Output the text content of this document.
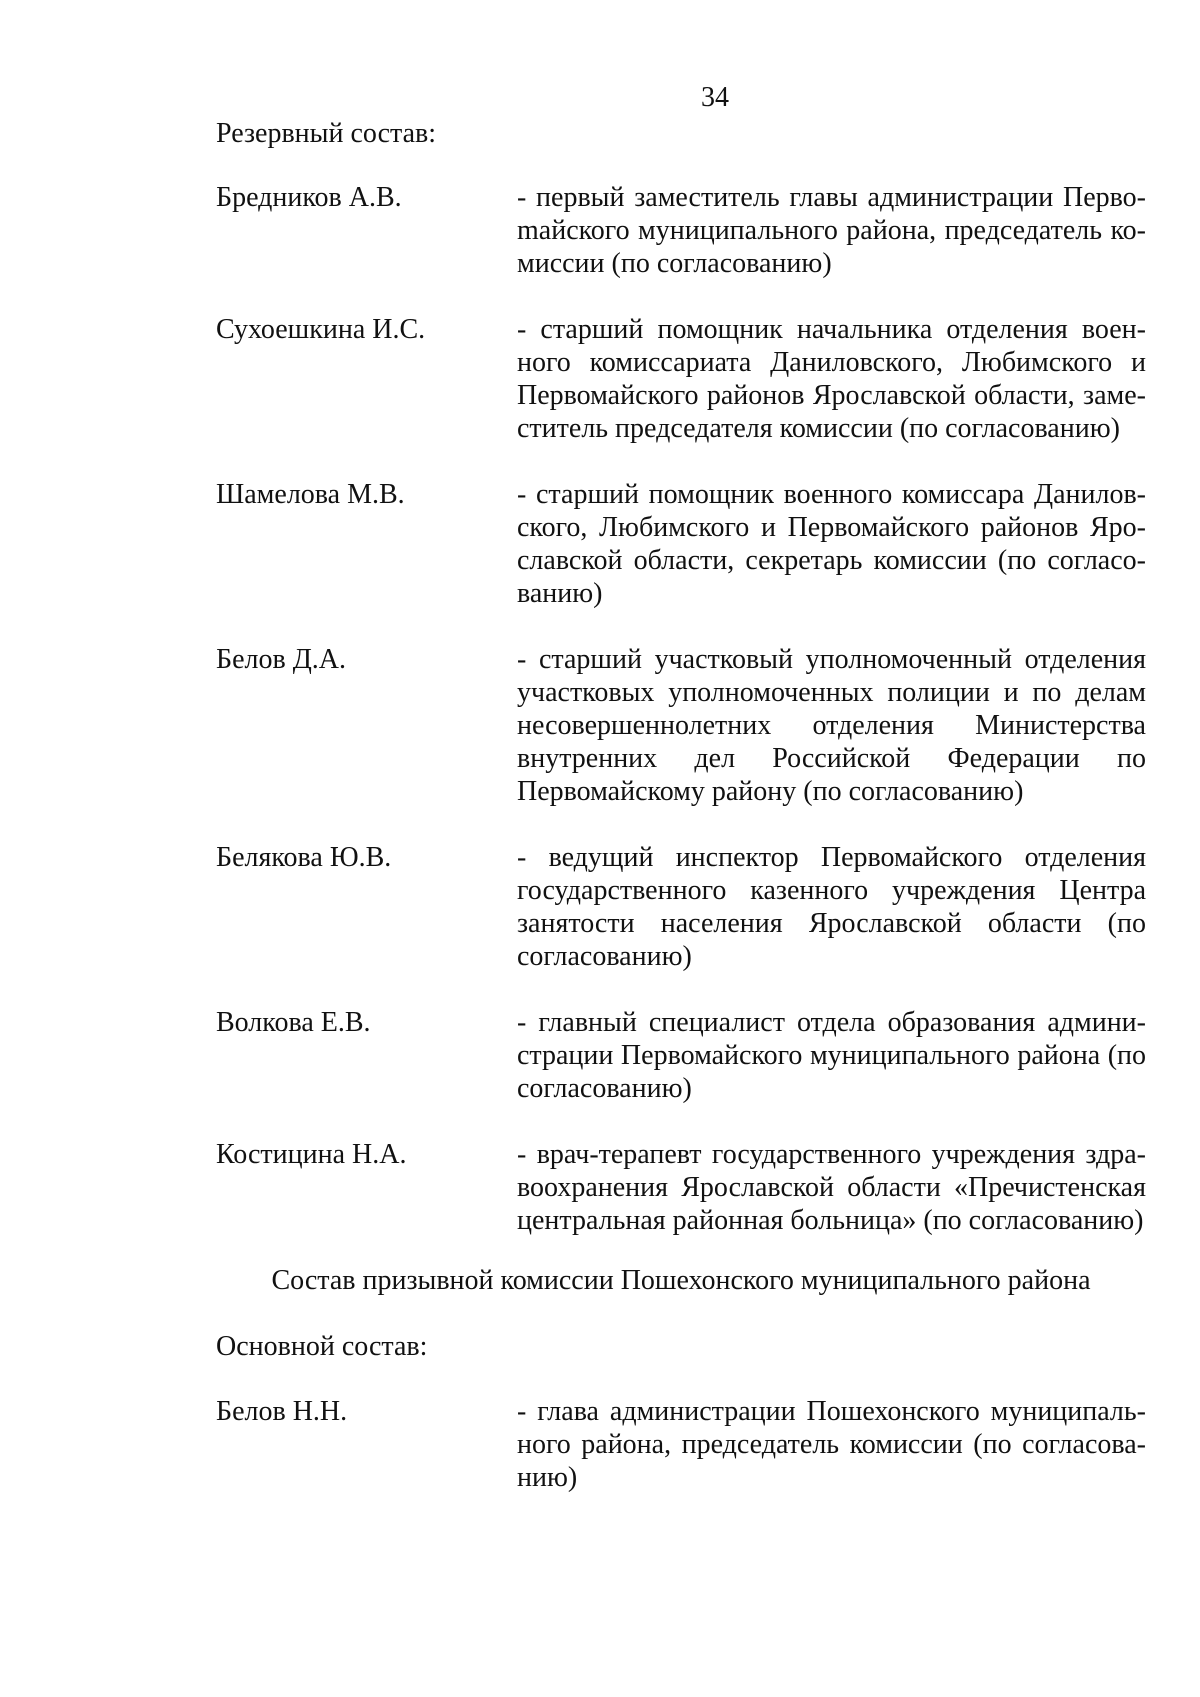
34
Резервный состав:
Бредников А.В.	- первый заместитель главы администрации Первоmайского муниципального района, председатель комиссии (по согласованию)
Сухоешкина И.С.	- старший помощник начальника отделения военного комиссариата Даниловского, Любимского и Первомайского районов Ярославской области, заместитель председателя комиссии (по согласованию)
Шамелова М.В.	- старший помощник военного комиссара Даниловского, Любимского и Первомайского районов Ярославской области, секретарь комиссии (по согласованию)
Белов Д.А.	- старший участковый уполномоченный отделения участковых уполномоченных полиции и по делам несовершеннолетних отделения Министерства внутренних дел Российской Федерации по Первомайскому району (по согласованию)
Белякова Ю.В.	- ведущий инспектор Первомайского отделения государственного казенного учреждения Центра занятости населения Ярославской области (по согласованию)
Волкова Е.В.	- главный специалист отдела образования администрации Первомайского муниципального района (по согласованию)
Костицина Н.А.	- врач-терапевт государственного учреждения здравоохранения Ярославской области «Пречистенская центральная районная больница» (по согласованию)
Состав призывной комиссии Пошехонского муниципального района
Основной состав:
Белов Н.Н.	- глава администрации Пошехонского муниципального района, председатель комиссии (по согласованию)
